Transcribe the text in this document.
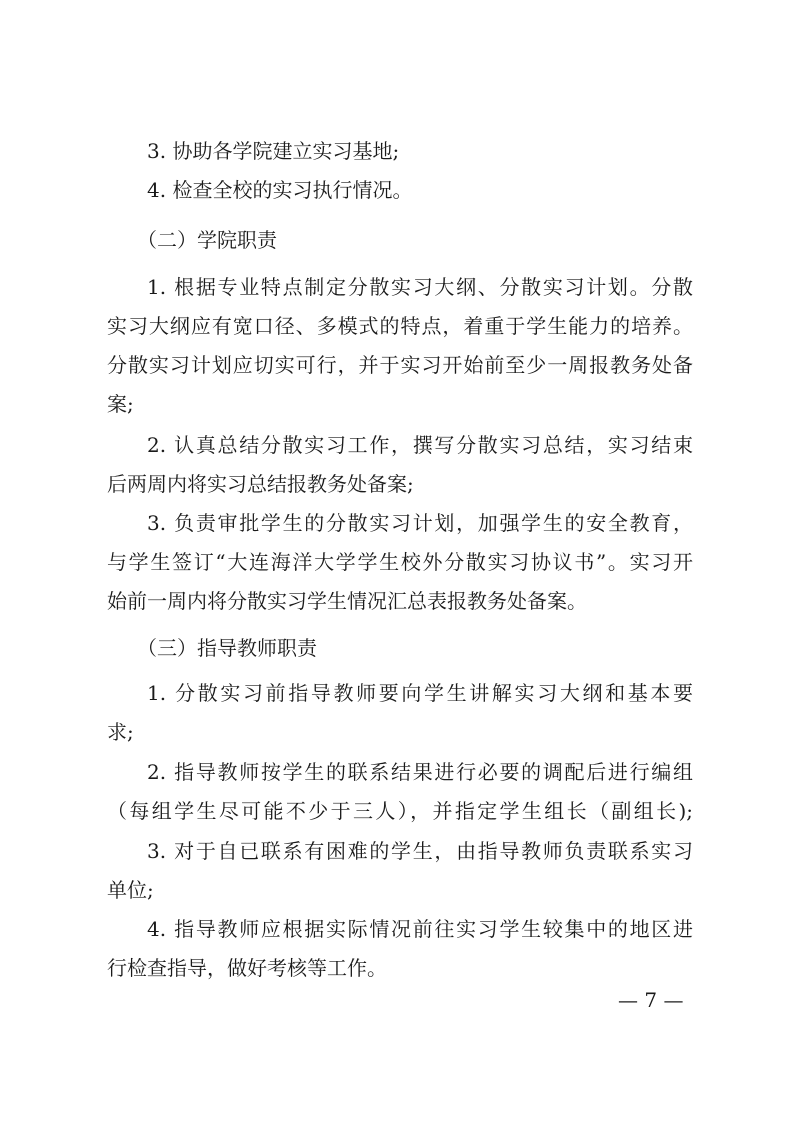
3. 协助各学院建立实习基地;
4. 检查全校的实习执行情况。
（二）学院职责
1. 根据专业特点制定分散实习大纲、分散实习计划。分散
实习大纲应有宽口径、多模式的特点，着重于学生能力的培养。
分散实习计划应切实可行，并于实习开始前至少一周报教务处备
案;
2. 认真总结分散实习工作，撰写分散实习总结，实习结束
后两周内将实习总结报教务处备案;
3. 负责审批学生的分散实习计划，加强学生的安全教育，
与学生签订“大连海洋大学学生校外分散实习协议书”。实习开
始前一周内将分散实习学生情况汇总表报教务处备案。
（三）指导教师职责
1. 分散实习前指导教师要向学生讲解实习大纲和基本要
求;
2. 指导教师按学生的联系结果进行必要的调配后进行编组
（每组学生尽可能不少于三人），并指定学生组长（副组长);
3. 对于自已联系有困难的学生，由指导教师负责联系实习
单位;
4. 指导教师应根据实际情况前往实习学生较集中的地区进
行检查指导，做好考核等工作。
— 7 —
